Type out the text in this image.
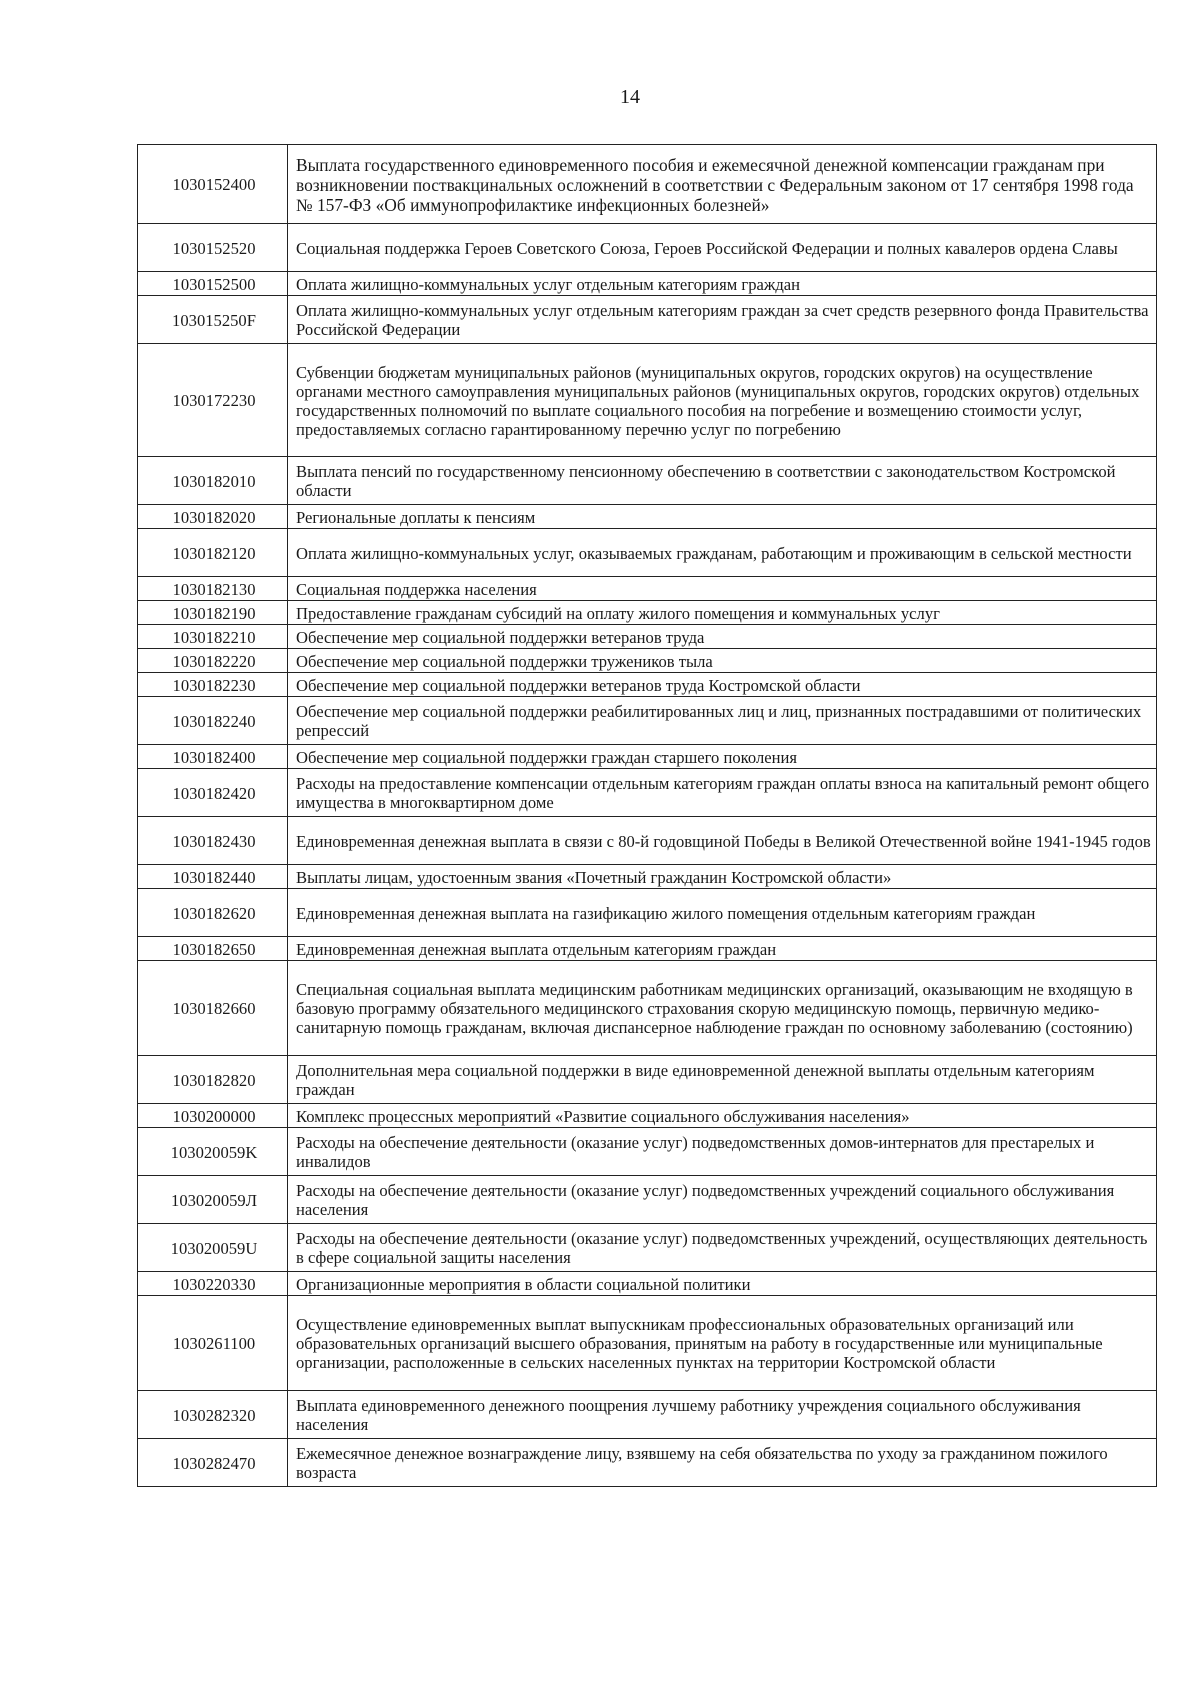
14
1030152400	Выплата государственного единовременного пособия и ежемесячной денежной компенсации гражданам при возникновении поствакцинальных осложнений в соответствии с Федеральным законом от 17 сентября 1998 года № 157-ФЗ «Об иммунопрофилактике инфекционных болезней»
1030152520	Социальная поддержка Героев Советского Союза, Героев Российской Федерации и полных кавалеров ордена Славы
1030152500	Оплата жилищно-коммунальных услуг отдельным категориям граждан
103015250F	Оплата жилищно-коммунальных услуг отдельным категориям граждан за счет средств резервного фонда Правительства Российской Федерации
1030172230	Субвенции бюджетам муниципальных районов (муниципальных округов, городских округов) на осуществление органами местного самоуправления муниципальных районов (муниципальных округов, городских округов) отдельных государственных полномочий по выплате социального пособия на погребение и возмещению стоимости услуг, предоставляемых согласно гарантированному перечню услуг по погребению
1030182010	Выплата пенсий по государственному пенсионному обеспечению в соответствии с законодательством Костромской области
1030182020	Региональные доплаты к пенсиям
1030182120	Оплата жилищно-коммунальных услуг, оказываемых гражданам, работающим и проживающим в сельской местности
1030182130	Социальная поддержка населения
1030182190	Предоставление гражданам субсидий на оплату жилого помещения и коммунальных услуг
1030182210	Обеспечение мер социальной поддержки ветеранов труда
1030182220	Обеспечение мер социальной поддержки тружеников тыла
1030182230	Обеспечение мер социальной поддержки ветеранов труда Костромской области
1030182240	Обеспечение мер социальной поддержки реабилитированных лиц и лиц, признанных пострадавшими от политических репрессий
1030182400	Обеспечение мер социальной поддержки граждан старшего поколения
1030182420	Расходы на предоставление компенсации отдельным категориям граждан оплаты взноса на капитальный ремонт общего имущества в многоквартирном доме
1030182430	Единовременная денежная выплата в связи с 80-й годовщиной Победы в Великой Отечественной войне 1941-1945 годов
1030182440	Выплаты лицам, удостоенным звания «Почетный гражданин Костромской области»
1030182620	Единовременная денежная выплата на газификацию жилого помещения отдельным категориям граждан
1030182650	Единовременная денежная выплата отдельным категориям граждан
1030182660	Специальная социальная выплата медицинским работникам медицинских организаций, оказывающим не входящую в базовую программу обязательного медицинского страхования скорую медицинскую помощь, первичную медико-санитарную помощь гражданам, включая диспансерное наблюдение граждан по основному заболеванию (состоянию)
1030182820	Дополнительная мера социальной поддержки в виде единовременной денежной выплаты отдельным категориям граждан
1030200000	Комплекс процессных мероприятий «Развитие социального обслуживания населения»
103020059K	Расходы на обеспечение деятельности (оказание услуг) подведомственных домов-интернатов для престарелых и инвалидов
103020059Л	Расходы на обеспечение деятельности (оказание услуг) подведомственных учреждений социального обслуживания населения
103020059U	Расходы на обеспечение деятельности (оказание услуг) подведомственных учреждений, осуществляющих деятельность в сфере социальной защиты населения
1030220330	Организационные мероприятия в области социальной политики
1030261100	Осуществление единовременных выплат выпускникам профессиональных образовательных организаций или образовательных организаций высшего образования, принятым на работу в государственные или муниципальные организации, расположенные в сельских населенных пунктах на территории Костромской области
1030282320	Выплата единовременного денежного поощрения лучшему работнику учреждения социального обслуживания населения
1030282470	Ежемесячное денежное вознаграждение лицу, взявшему на себя обязательства по уходу за гражданином пожилого возраста
